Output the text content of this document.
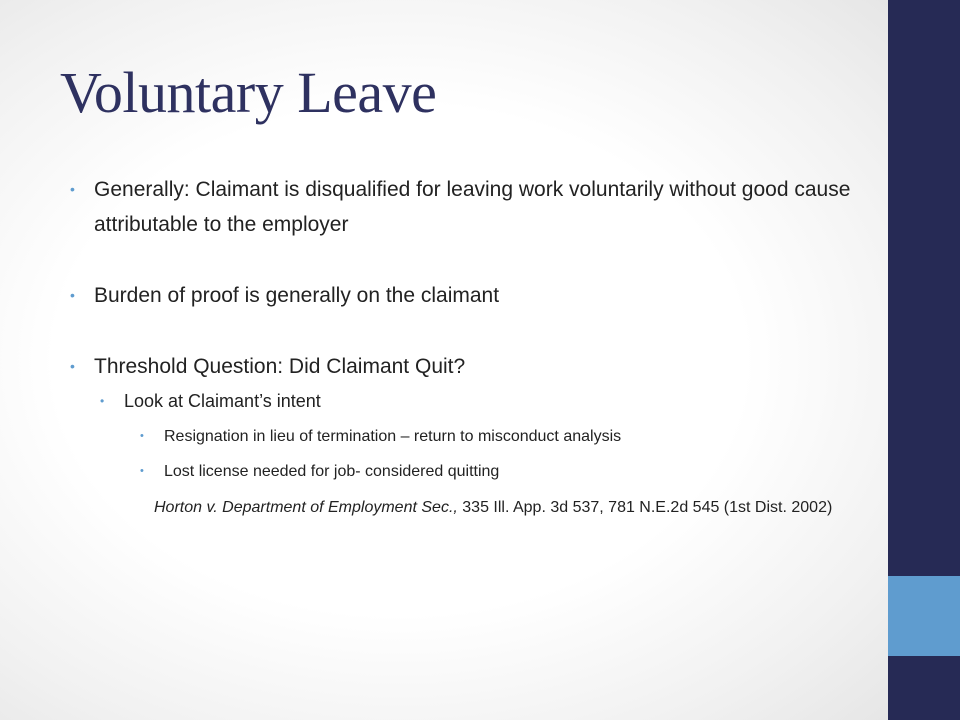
Voluntary Leave
• Generally: Claimant is disqualified for leaving work voluntarily without good cause attributable to the employer
• Burden of proof is generally on the claimant
• Threshold Question: Did Claimant Quit?
• Look at Claimant’s intent
• Resignation in lieu of termination – return to misconduct analysis
• Lost license needed for job- considered quitting
Horton v. Department of Employment Sec., 335 Ill. App. 3d 537, 781 N.E.2d 545 (1st Dist. 2002)
